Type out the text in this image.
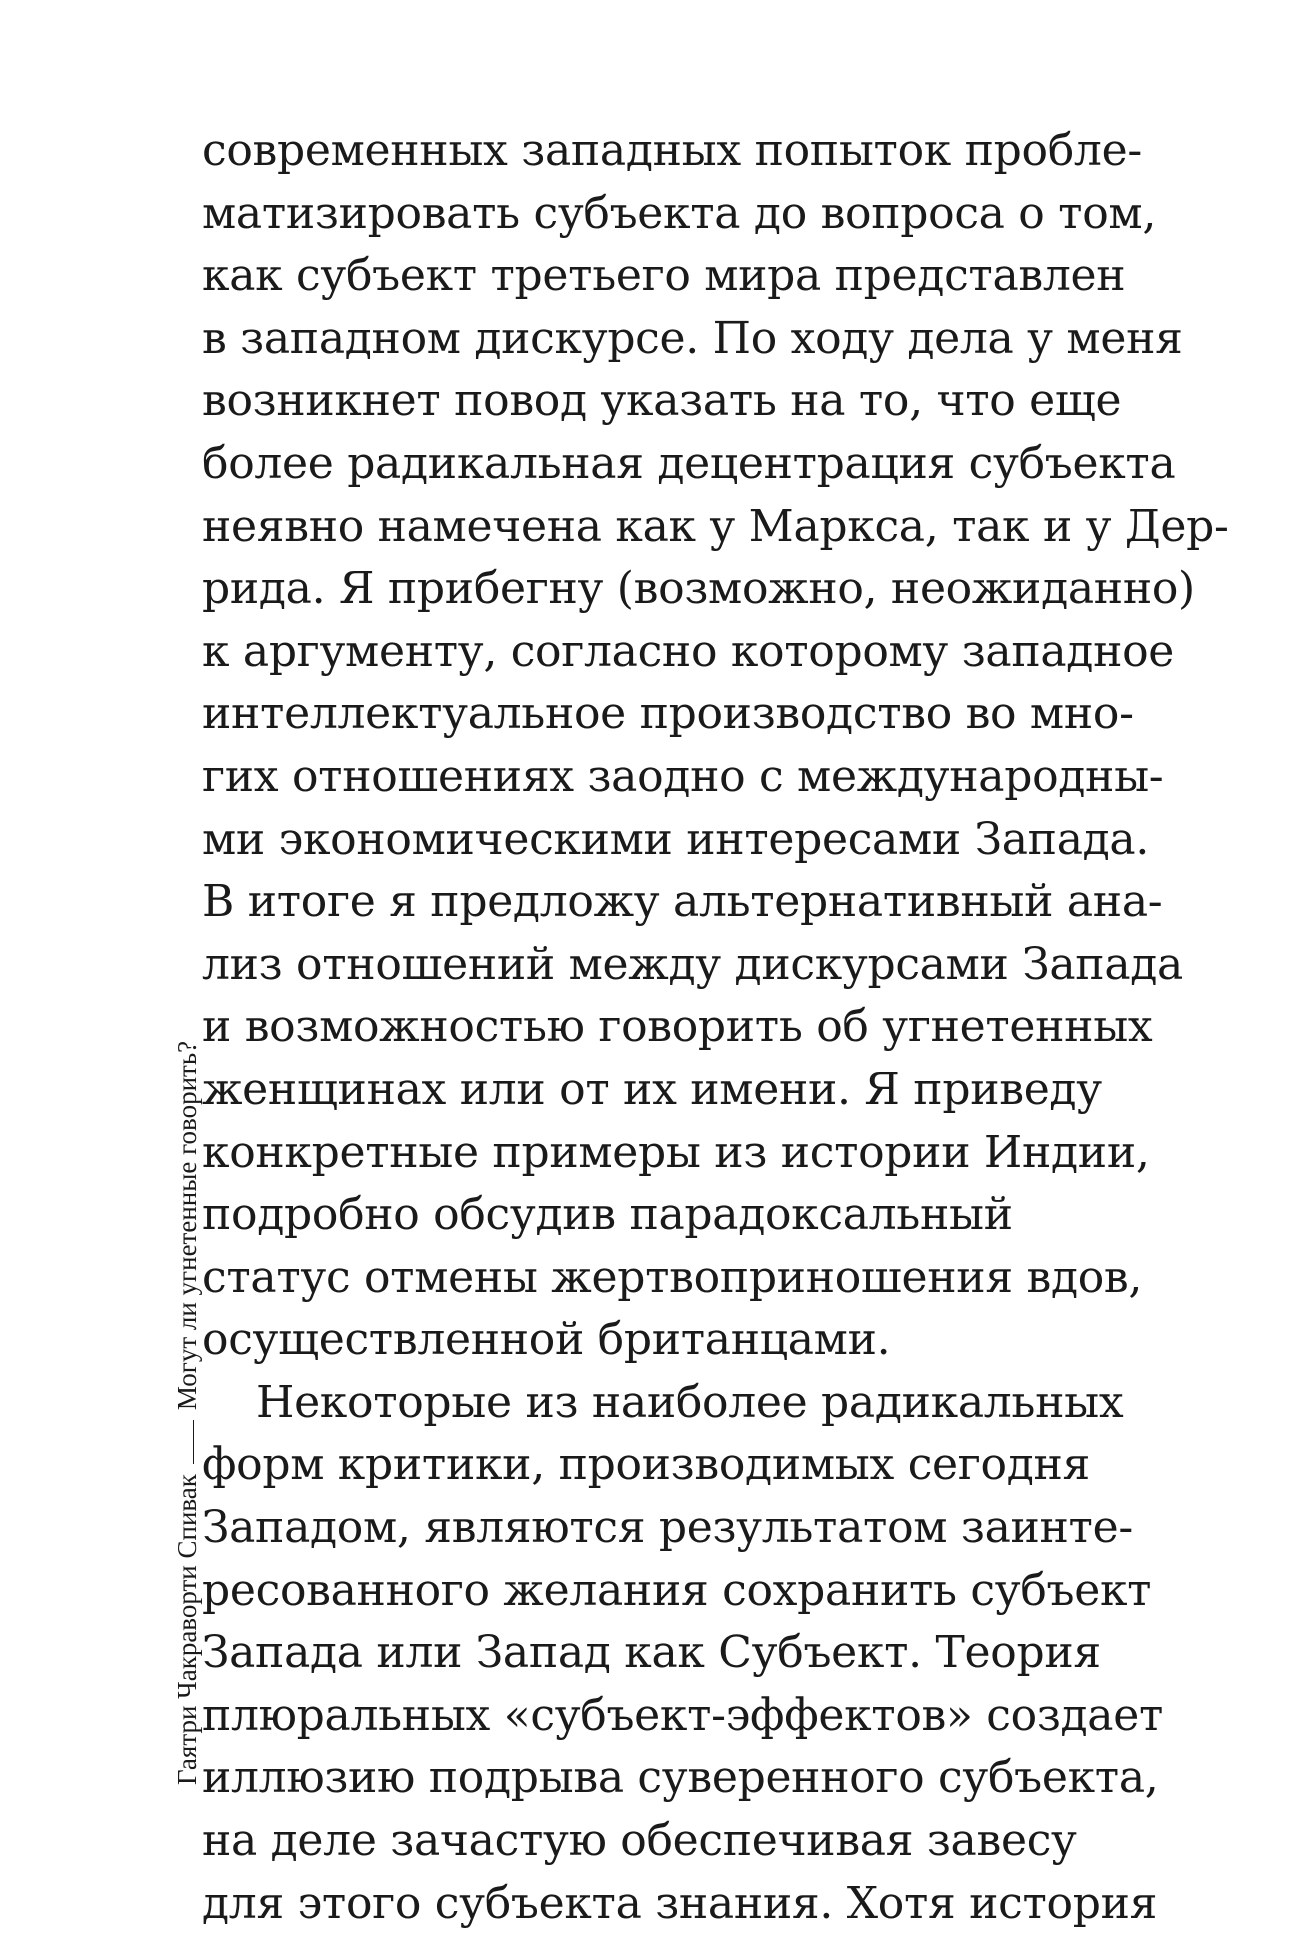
Гаятри Чакраворти Спивак
Могут ли угнетенные говорить?
современных западных попыток пробле-
матизировать субъекта до вопроса о том,
как субъект третьего мира представлен
в западном дискурсе. По ходу дела у меня
возникнет повод указать на то, что еще
более радикальная децентрация субъекта
неявно намечена как у Маркса, так и у Дер-
рида. Я прибегну (возможно, неожиданно)
к аргументу, согласно которому западное
интеллектуальное производство во мно-
гих отношениях заодно с международны-
ми экономическими интересами Запада.
В итоге я предложу альтернативный ана-
лиз отношений между дискурсами Запада
и возможностью говорить об угнетенных
женщинах или от их имени. Я приведу
конкретные примеры из истории Индии,
подробно обсудив парадоксальный
статус отмены жертвоприношения вдов,
осуществленной британцами.
Некоторые из наиболее радикальных
форм критики, производимых сегодня
Западом, являются результатом заинте-
ресованного желания сохранить субъект
Запада или Запад как Субъект. Теория
плюральных «субъект-эффектов» создает
иллюзию подрыва суверенного субъекта,
на деле зачастую обеспечивая завесу
для этого субъекта знания. Хотя история
